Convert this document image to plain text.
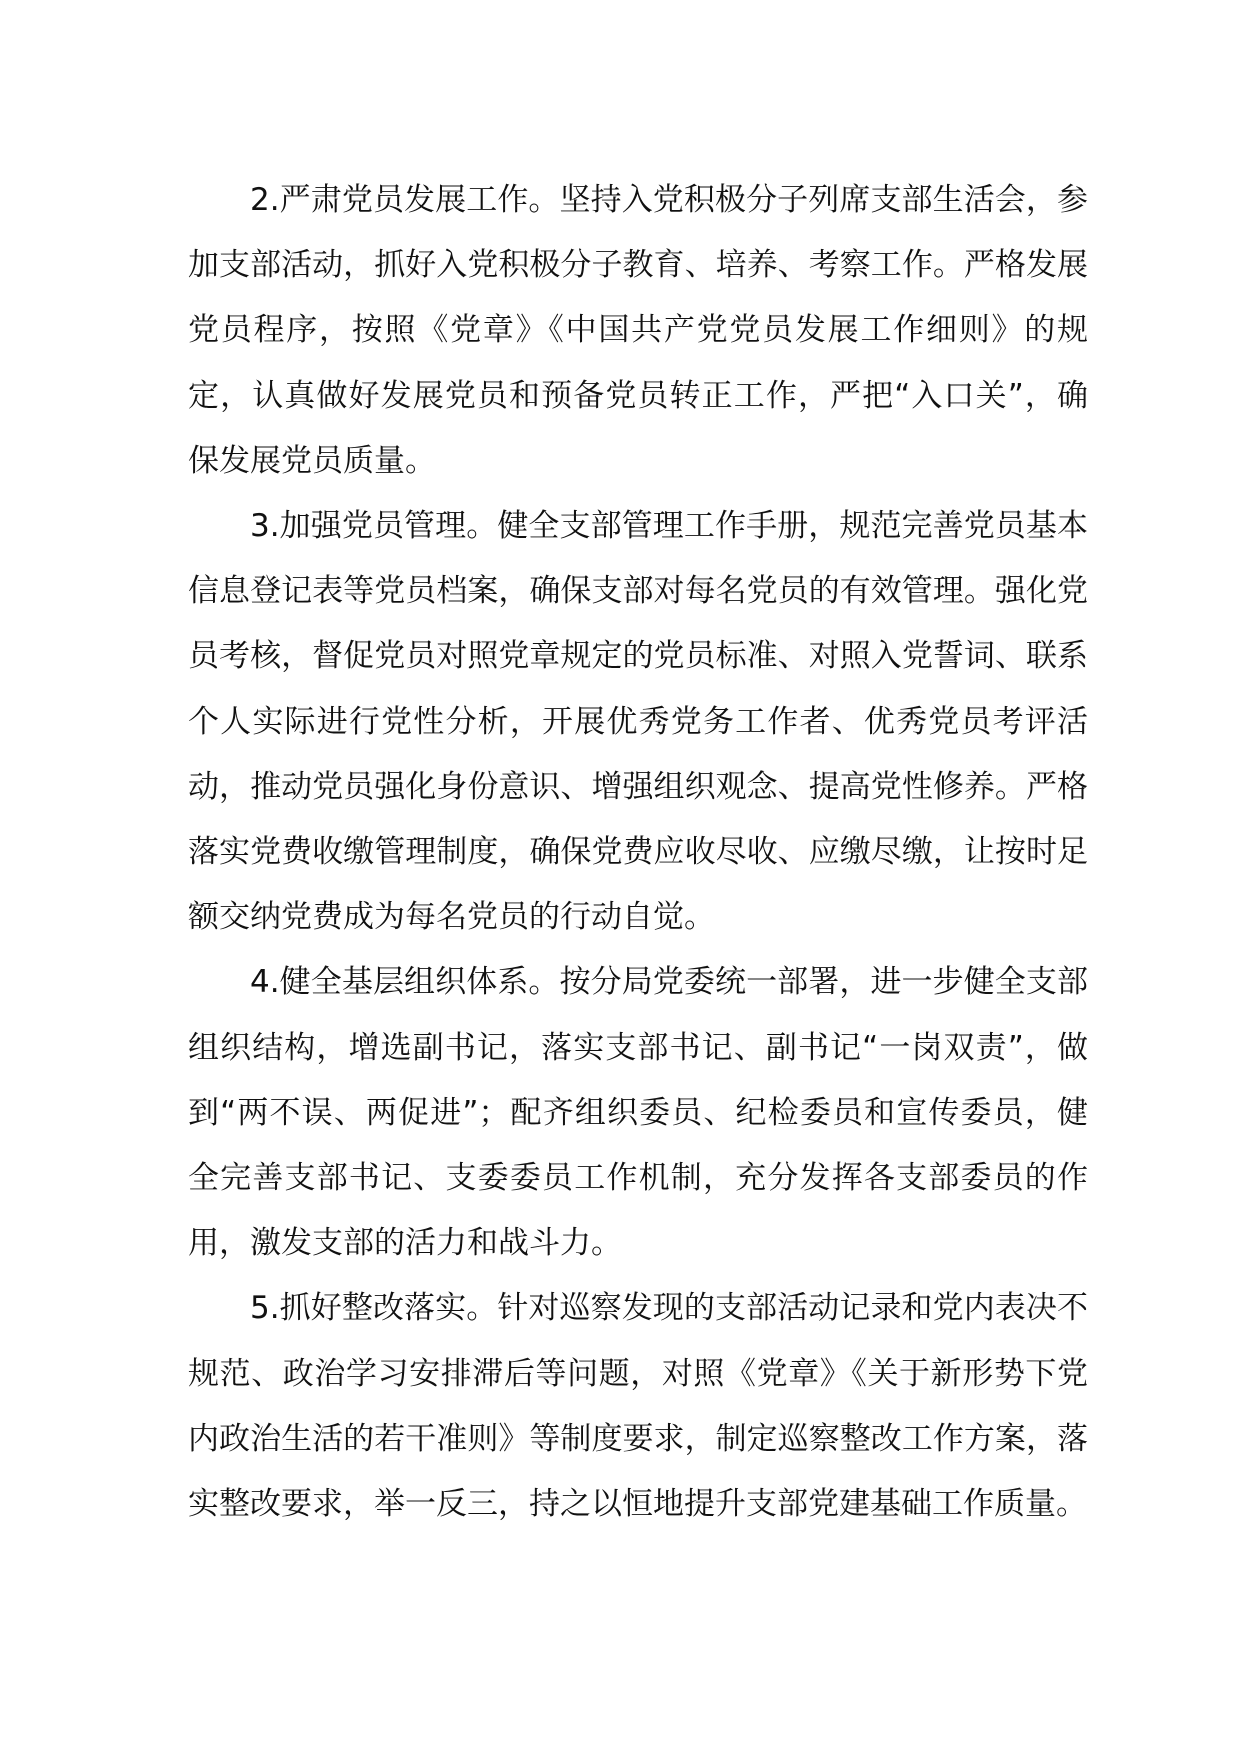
2.严肃党员发展工作。坚持入党积极分子列席支部生活会，参加支部活动，抓好入党积极分子教育、培养、考察工作。严格发展党员程序，按照《党章》《中国共产党党员发展工作细则》的规定，认真做好发展党员和预备党员转正工作，严把“入口关”，确保发展党员质量。

3.加强党员管理。健全支部管理工作手册，规范完善党员基本信息登记表等党员档案，确保支部对每名党员的有效管理。强化党员考核，督促党员对照党章规定的党员标准、对照入党誓词、联系个人实际进行党性分析，开展优秀党务工作者、优秀党员考评活动，推动党员强化身份意识、增强组织观念、提高党性修养。严格落实党费收缴管理制度，确保党费应收尽收、应缴尽缴，让按时足额交纳党费成为每名党员的行动自觉。

4.健全基层组织体系。按分局党委统一部署，进一步健全支部组织结构，增选副书记，落实支部书记、副书记“一岗双责”，做到“两不误、两促进”；配齐组织委员、纪检委员和宣传委员，健全完善支部书记、支委委员工作机制，充分发挥各支部委员的作用，激发支部的活力和战斗力。

5.抓好整改落实。针对巡察发现的支部活动记录和党内表决不规范、政治学习安排滞后等问题，对照《党章》《关于新形势下党内政治生活的若干准则》等制度要求，制定巡察整改工作方案，落实整改要求，举一反三，持之以恒地提升支部党建基础工作质量。
